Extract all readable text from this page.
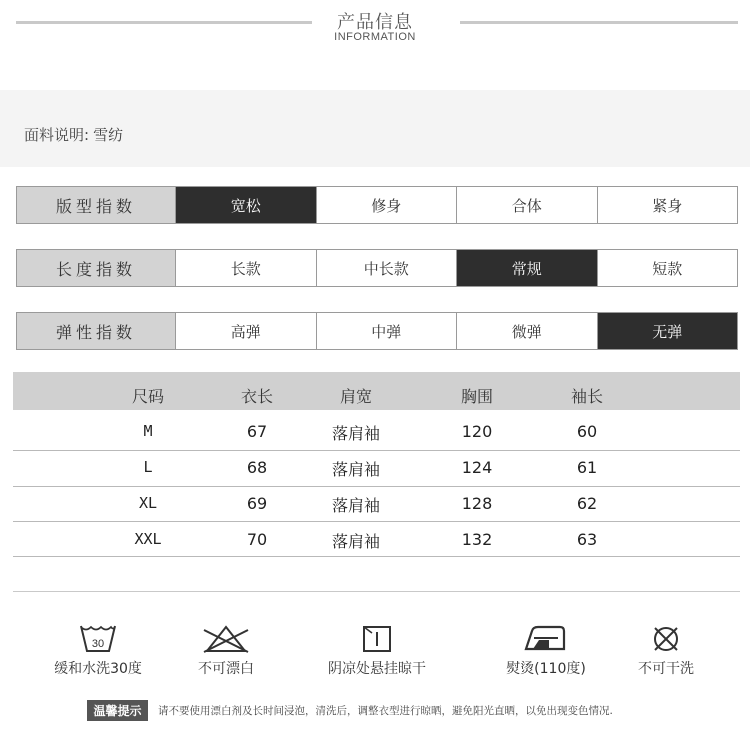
产品信息
INFORMATION
面料说明: 雪纺
版型指数	宽松	修身	合体	紧身
长度指数	长款	中长款	常规	短款
弹性指数	高弹	中弹	微弹	无弹
尺码	衣长	肩宽	胸围	袖长
M	67	落肩袖	120	60
L	68	落肩袖	124	61
XL	69	落肩袖	128	62
XXL	70	落肩袖	132	63
30
缓和水洗30度	不可漂白	阴凉处悬挂晾干	熨烫(110度)	不可干洗
温馨提示	请不要使用漂白剂及长时间浸泡，清洗后，调整衣型进行晾晒，避免阳光直晒，以免出现变色情况.
